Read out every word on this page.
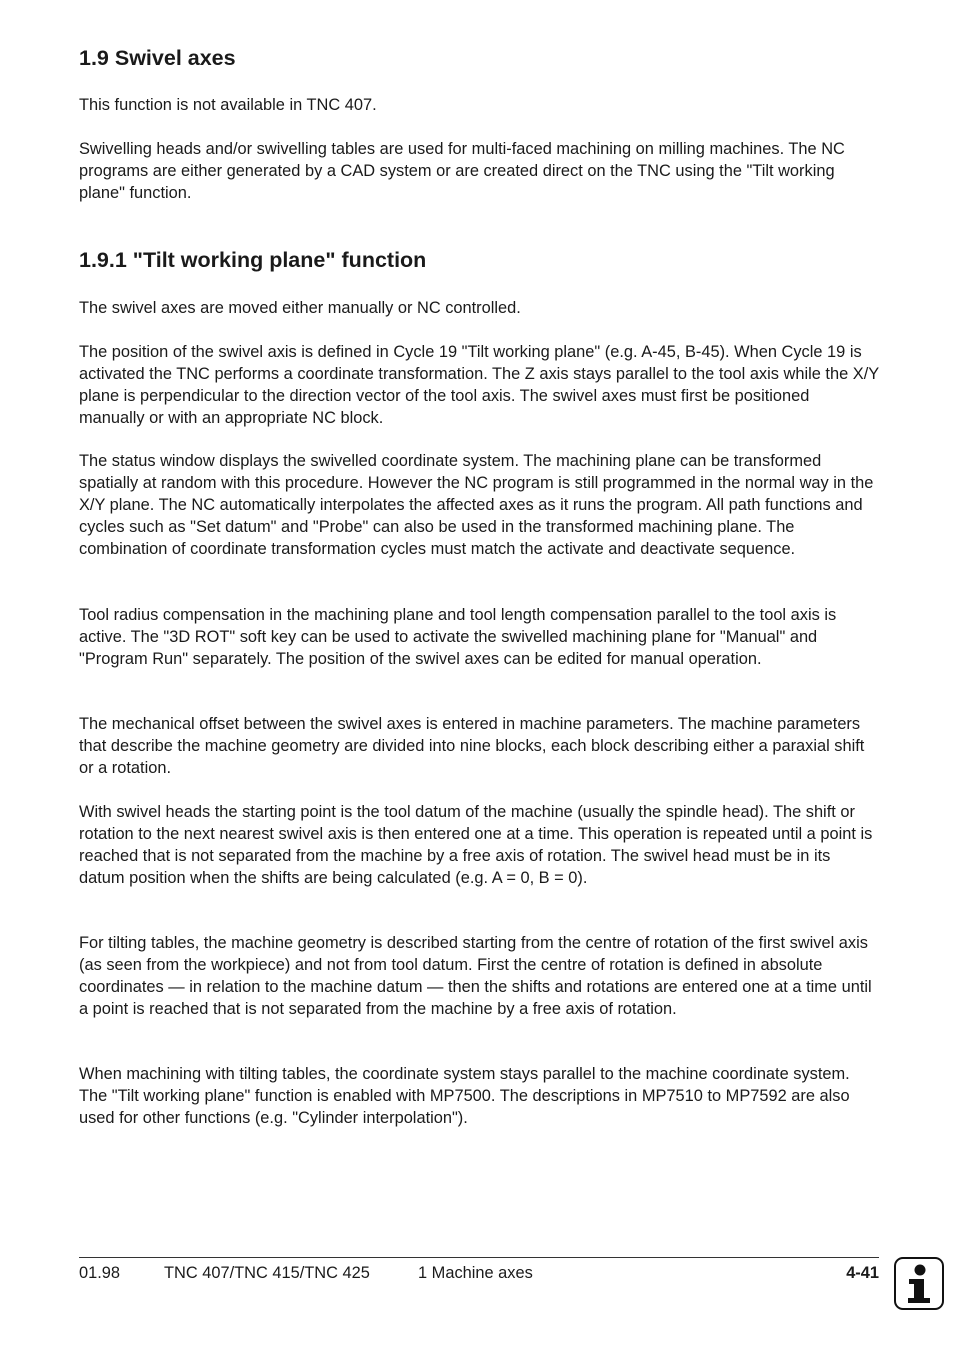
1.9 Swivel axes

This function is not available in TNC 407.

Swivelling heads and/or swivelling tables are used for multi-faced machining on milling machines. The NC programs are either generated by a CAD system or are created direct on the TNC using the "Tilt working plane" function.

1.9.1 "Tilt working plane" function

The swivel axes are moved either manually or NC controlled.

The position of the swivel axis is defined in Cycle 19 "Tilt working plane" (e.g. A-45, B-45). When Cycle 19 is activated the TNC performs a coordinate transformation. The Z axis stays parallel to the tool axis while the X/Y plane is perpendicular to the direction vector of the tool axis. The swivel axes must first be positioned manually or with an appropriate NC block.

The status window displays the swivelled coordinate system. The machining plane can be transformed spatially at random with this procedure. However the NC program is still programmed in the normal way in the X/Y plane. The NC automatically interpolates the affected axes as it runs the program. All path functions and cycles such as "Set datum" and "Probe" can also be used in the transformed machining plane. The combination of coordinate transformation cycles must match the activate and deactivate sequence.

Tool radius compensation in the machining plane and tool length compensation parallel to the tool axis is active. The "3D ROT" soft key can be used to activate the swivelled machining plane for "Manual" and "Program Run" separately. The position of the swivel axes can be edited for manual operation.

The mechanical offset between the swivel axes is entered in machine parameters. The machine parameters that describe the machine geometry are divided into nine blocks, each block describing either a paraxial shift or a rotation.

With swivel heads the starting point is the tool datum of the machine (usually the spindle head). The shift or rotation to the next nearest swivel axis is then entered one at a time. This operation is repeated until a point is reached that is not separated from the machine by a free axis of rotation. The swivel head must be in its datum position when the shifts are being calculated (e.g. A = 0, B = 0).

For tilting tables, the machine geometry is described starting from the centre of rotation of the first swivel axis (as seen from the workpiece) and not from tool datum. First the centre of rotation is defined in absolute coordinates — in relation to the machine datum — then the shifts and rotations are entered one at a time until a point is reached that is not separated from the machine by a free axis of rotation.

When machining with tilting tables, the coordinate system stays parallel to the machine coordinate system. The "Tilt working plane" function is enabled with MP7500. The descriptions in MP7510 to MP7592 are also used for other functions (e.g. "Cylinder interpolation").

01.98	TNC 407/TNC 415/TNC 425	1 Machine axes	4-41
